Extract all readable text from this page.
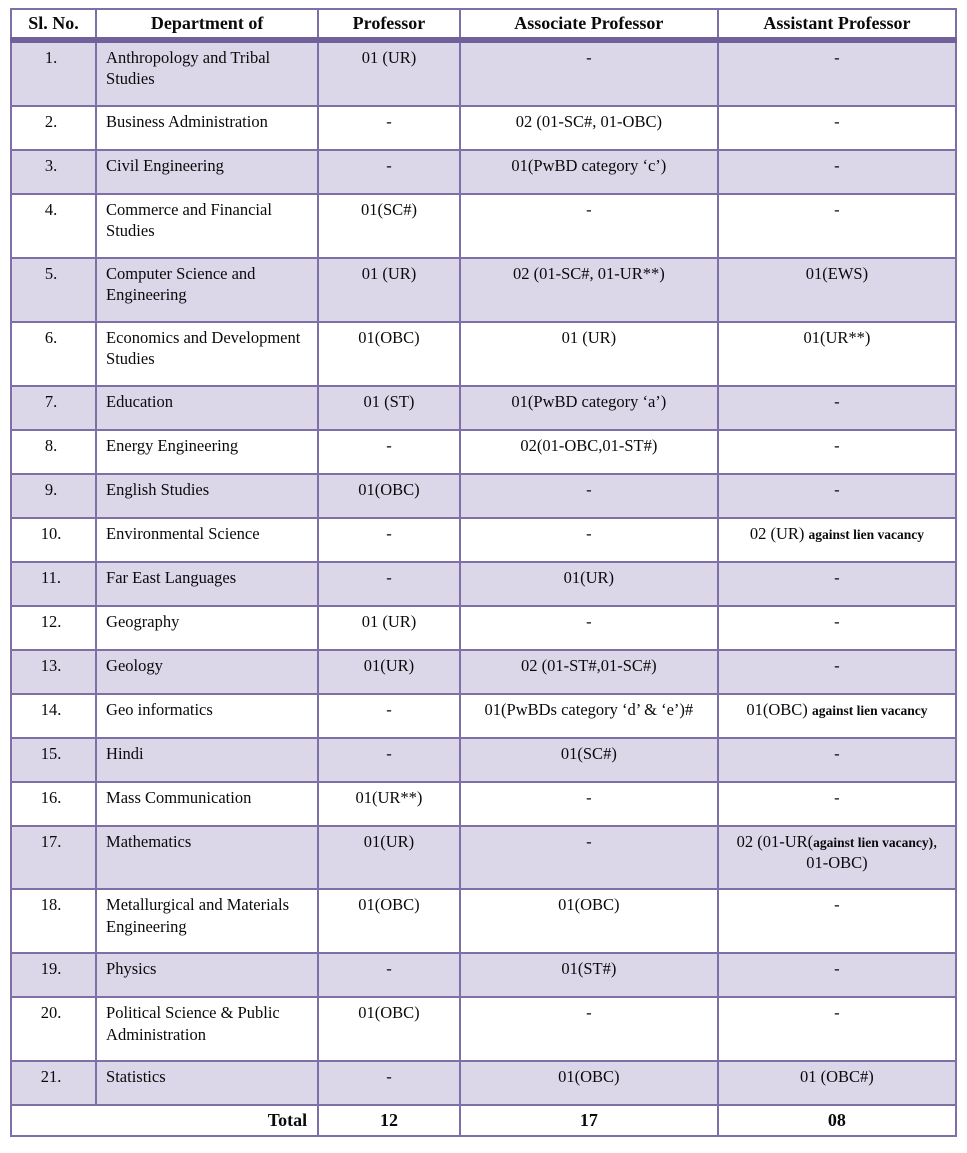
Sl. No.	Department of	Professor	Associate Professor	Assistant Professor
1.	Anthropology and Tribal Studies	01 (UR)	-	-
2.	Business Administration	-	02 (01-SC#, 01-OBC)	-
3.	Civil Engineering	-	01(PwBD category ‘c’)	-
4.	Commerce and Financial Studies	01(SC#)	-	-
5.	Computer Science and Engineering	01 (UR)	02 (01-SC#, 01-UR**)	01(EWS)
6.	Economics and Development Studies	01(OBC)	01 (UR)	01(UR**)
7.	Education	01 (ST)	01(PwBD category ‘a’)	-
8.	Energy Engineering	-	02(01-OBC,01-ST#)	-
9.	English Studies	01(OBC)	-	-
10.	Environmental Science	-	-	02 (UR) against lien vacancy
11.	Far East Languages	-	01(UR)	-
12.	Geography	01 (UR)	-	-
13.	Geology	01(UR)	02 (01-ST#,01-SC#)	-
14.	Geo informatics	-	01(PwBDs category ‘d’ & ‘e’)#	01(OBC) against lien vacancy
15.	Hindi	-	01(SC#)	-
16.	Mass Communication	01(UR**)	-	-
17.	Mathematics	01(UR)	-	02 (01-UR(against lien vacancy), 01-OBC)
18.	Metallurgical and Materials Engineering	01(OBC)	01(OBC)	-
19.	Physics	-	01(ST#)	-
20.	Political Science & Public Administration	01(OBC)	-	-
21.	Statistics	-	01(OBC)	01 (OBC#)
Total		12	17	08
